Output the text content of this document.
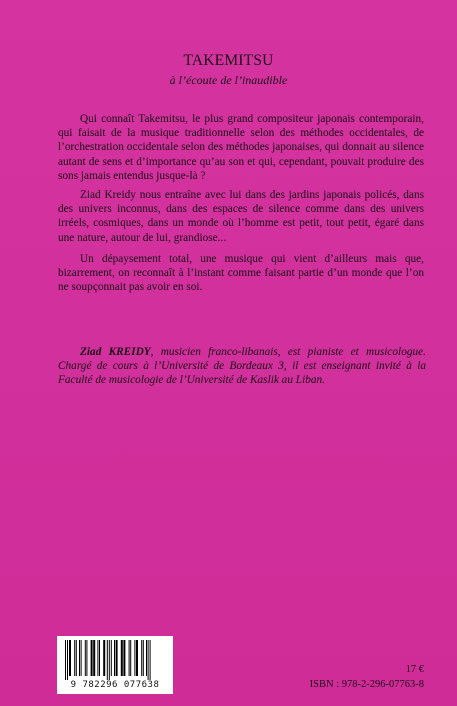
TAKEMITSU

à l’écoute de l’inaudible

Qui connaît Takemitsu, le plus grand compositeur japonais contemporain, qui faisait de la musique traditionnelle selon des méthodes occidentales, de l’orchestration occidentale selon des méthodes japonaises, qui donnait au silence autant de sens et d’importance qu’au son et qui, cependant, pouvait produire des sons jamais entendus jusque-là ?

Ziad Kreidy nous entraîne avec lui dans des jardins japonais policés, dans des univers inconnus, dans des espaces de silence comme dans des univers irréels, cosmiques, dans un monde où l’homme est petit, tout petit, égaré dans une nature, autour de lui, grandiose...

Un dépaysement total, une musique qui vient d’ailleurs mais que, bizarrement, on reconnaît à l’instant comme faisant partie d’un monde que l’on ne soupçonnait pas avoir en soi.

Ziad KREIDY, musicien franco-libanais, est pianiste et musicologue. Chargé de cours à l’Université de Bordeaux 3, il est enseignant invité à la Faculté de musicologie de l’Université de Kaslik au Liban.

9 782296 077638

17 €

ISBN : 978-2-296-07763-8
